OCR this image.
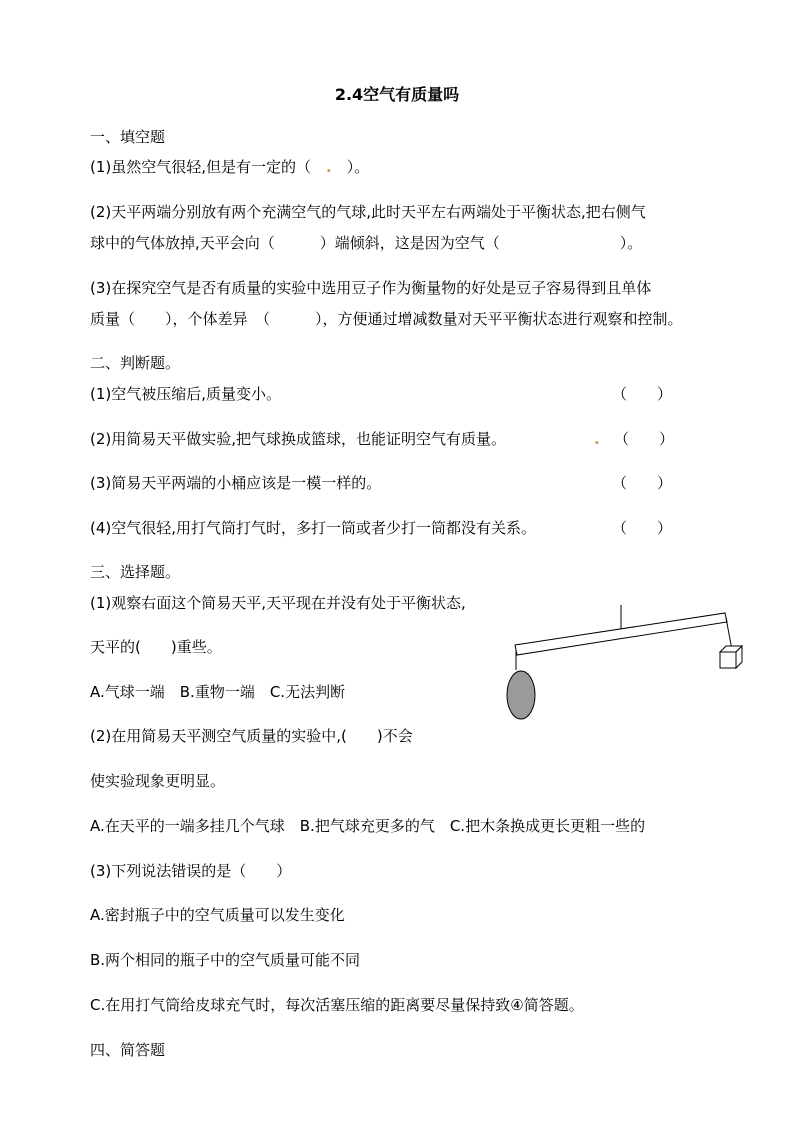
2.4空气有质量吗
一、填空题
(1)虽然空气很轻,但是有一定的（　 .　 ）。
(2)天平两端分别放有两个充满空气的气球,此时天平左右两端处于平衡状态,把右侧气
球中的气体放掉,天平会向（　　　）端倾斜，这是因为空气（　　　　　　　　）。
(3)在探究空气是否有质量的实验中选用豆子作为衡量物的好处是豆子容易得到且单体
质量（　　），个体差异　（　　　），方便通过增减数量对天平平衡状态进行观察和控制。
二、判断题。
(1)空气被压缩后,质量变小。	（　　）
(2)用简易天平做实验,把气球换成篮球，也能证明空气有质量。	. （　　）
(3)简易天平两端的小桶应该是一模一样的。	（　　）
(4)空气很轻,用打气筒打气时，多打一筒或者少打一筒都没有关系。	（　　）
三、选择题。
(1)观察右面这个简易天平,天平现在并没有处于平衡状态,
天平的(　　)重些。
A.气球一端　B.重物一端　C.无法判断
(2)在用简易天平测空气质量的实验中,(　　)不会
使实验现象更明显。
A.在天平的一端多挂几个气球　B.把气球充更多的气　C.把木条换成更长更粗一些的
(3)下列说法错误的是（　　）
A.密封瓶子中的空气质量可以发生变化
B.两个相同的瓶子中的空气质量可能不同
C.在用打气筒给皮球充气时，每次活塞压缩的距离要尽量保持致④简答题。
四、简答题
